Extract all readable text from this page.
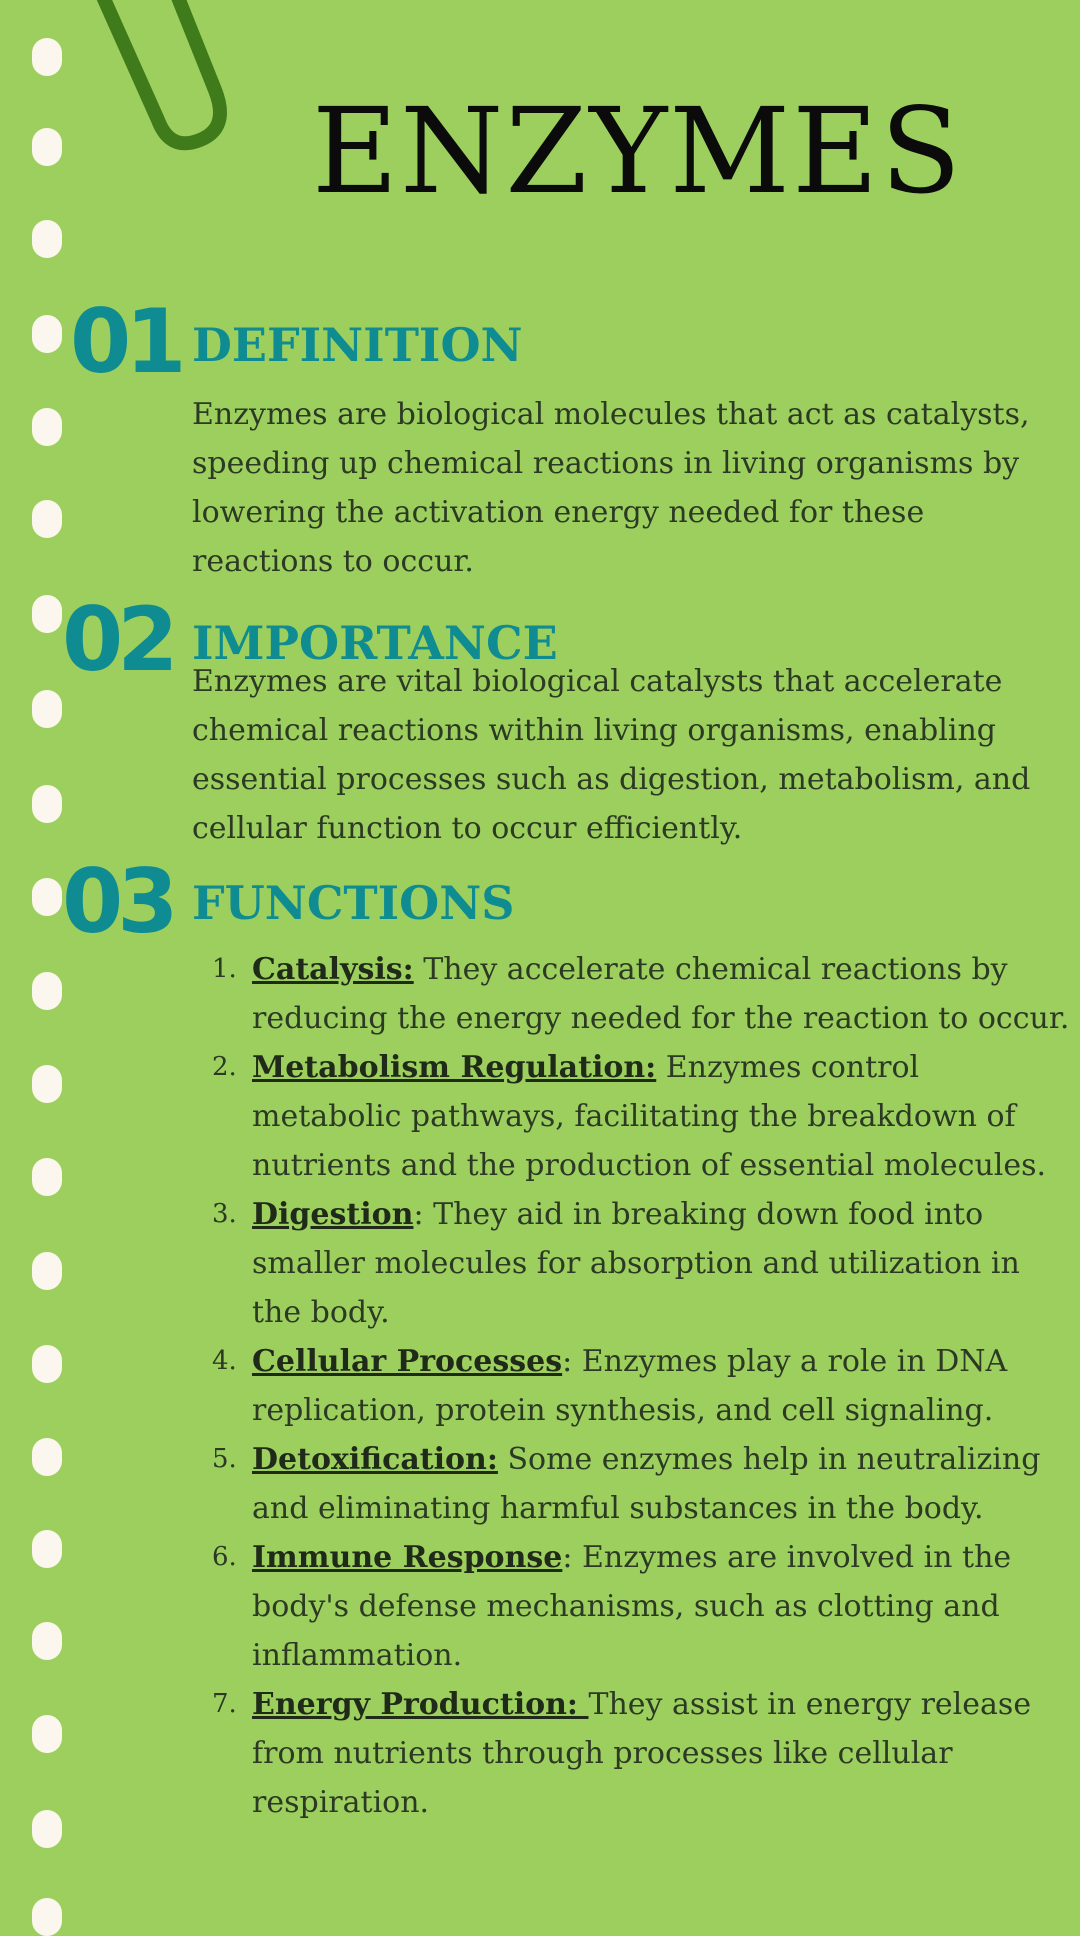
ENZYMES
01 DEFINITION

Enzymes are biological molecules that act as catalysts, speeding up chemical reactions in living organisms by lowering the activation energy needed for these reactions to occur.

02 IMPORTANCE

Enzymes are vital biological catalysts that accelerate chemical reactions within living organisms, enabling essential processes such as digestion, metabolism, and cellular function to occur efficiently.

03 FUNCTIONS
1. Catalysis: They accelerate chemical reactions by reducing the energy needed for the reaction to occur.
2. Metabolism Regulation: Enzymes control metabolic pathways, facilitating the breakdown of nutrients and the production of essential molecules.
3. Digestion: They aid in breaking down food into smaller molecules for absorption and utilization in the body.
4. Cellular Processes: Enzymes play a role in DNA replication, protein synthesis, and cell signaling.
5. Detoxification: Some enzymes help in neutralizing and eliminating harmful substances in the body.
6. Immune Response: Enzymes are involved in the body's defense mechanisms, such as clotting and inflammation.
7. Energy Production: They assist in energy release from nutrients through processes like cellular respiration.
